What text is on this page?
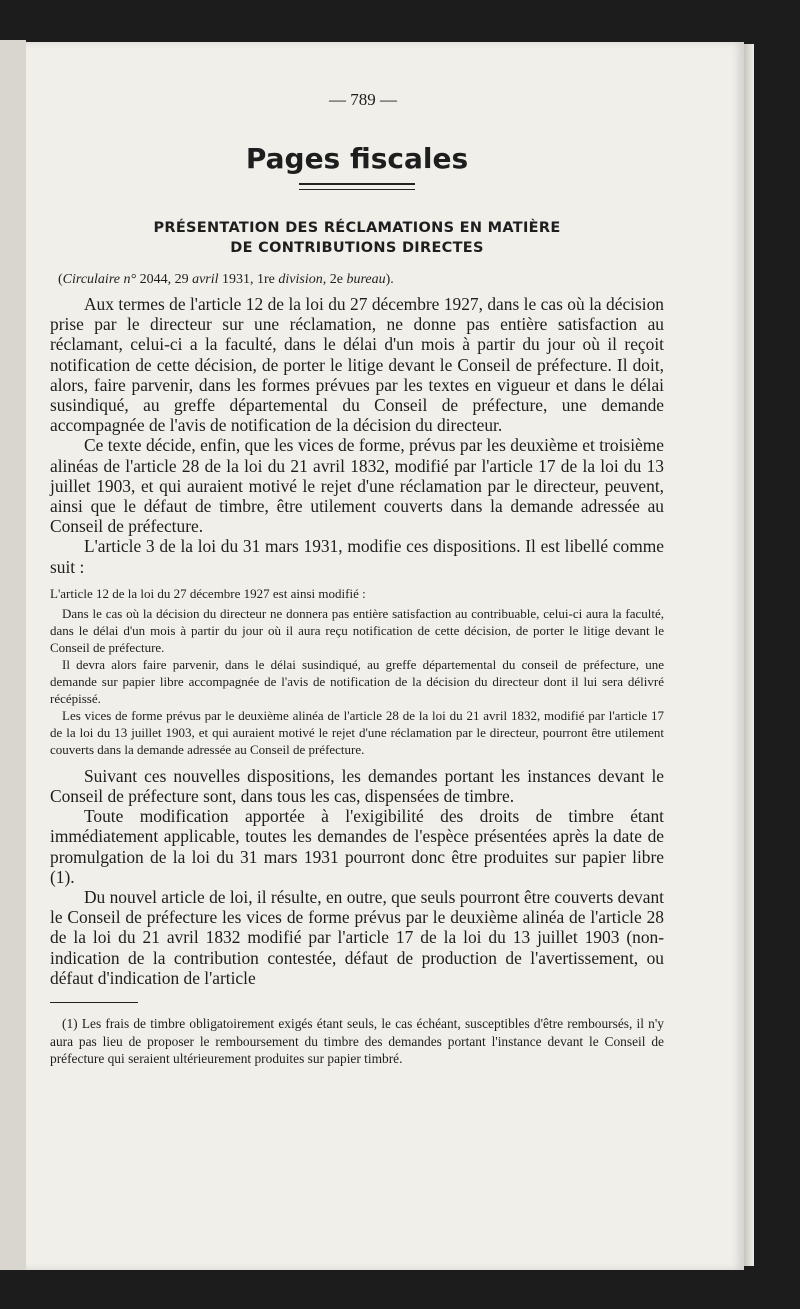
— 789 —
Pages fiscales
PRÉSENTATION DES RÉCLAMATIONS EN MATIÈRE
DE CONTRIBUTIONS DIRECTES
(Circulaire n° 2044, 29 avril 1931, 1re division, 2e bureau).

Aux termes de l'article 12 de la loi du 27 décembre 1927, dans le cas où la décision prise par le directeur sur une réclamation, ne donne pas entière satisfaction au réclamant, celui-ci a la faculté, dans le délai d'un mois à partir du jour où il reçoit notification de cette décision, de porter le litige devant le Conseil de préfecture. Il doit, alors, faire parvenir, dans les formes prévues par les textes en vigueur et dans le délai susindiqué, au greffe départemental du Conseil de préfecture, une demande accompagnée de l'avis de notification de la décision du directeur.

Ce texte décide, enfin, que les vices de forme, prévus par les deuxième et troisième alinéas de l'article 28 de la loi du 21 avril 1832, modifié par l'article 17 de la loi du 13 juillet 1903, et qui auraient motivé le rejet d'une réclamation par le directeur, peuvent, ainsi que le défaut de timbre, être utilement couverts dans la demande adressée au Conseil de préfecture.

L'article 3 de la loi du 31 mars 1931, modifie ces dispositions. Il est libellé comme suit :

L'article 12 de la loi du 27 décembre 1927 est ainsi modifié :

Dans le cas où la décision du directeur ne donnera pas entière satisfaction au contribuable, celui-ci aura la faculté, dans le délai d'un mois à partir du jour où il aura reçu notification de cette décision, de porter le litige devant le Conseil de préfecture.

Il devra alors faire parvenir, dans le délai susindiqué, au greffe départemental du conseil de préfecture, une demande sur papier libre accompagnée de l'avis de notification de la décision du directeur dont il lui sera délivré récépissé.

Les vices de forme prévus par le deuxième alinéa de l'article 28 de la loi du 21 avril 1832, modifié par l'article 17 de la loi du 13 juillet 1903, et qui auraient motivé le rejet d'une réclamation par le directeur, pourront être utilement couverts dans la demande adressée au Conseil de préfecture.

Suivant ces nouvelles dispositions, les demandes portant les instances devant le Conseil de préfecture sont, dans tous les cas, dispensées de timbre.

Toute modification apportée à l'exigibilité des droits de timbre étant immédiatement applicable, toutes les demandes de l'espèce présentées après la date de promulgation de la loi du 31 mars 1931 pourront donc être produites sur papier libre (1).

Du nouvel article de loi, il résulte, en outre, que seuls pourront être couverts devant le Conseil de préfecture les vices de forme prévus par le deuxième alinéa de l'article 28 de la loi du 21 avril 1832 modifié par l'article 17 de la loi du 13 juillet 1903 (non-indication de la contribution contestée, défaut de production de l'avertissement, ou défaut d'indication de l'article

(1) Les frais de timbre obligatoirement exigés étant seuls, le cas échéant, susceptibles d'être remboursés, il n'y aura pas lieu de proposer le remboursement du timbre des demandes portant l'instance devant le Conseil de préfecture qui seraient ultérieurement produites sur papier timbré.
